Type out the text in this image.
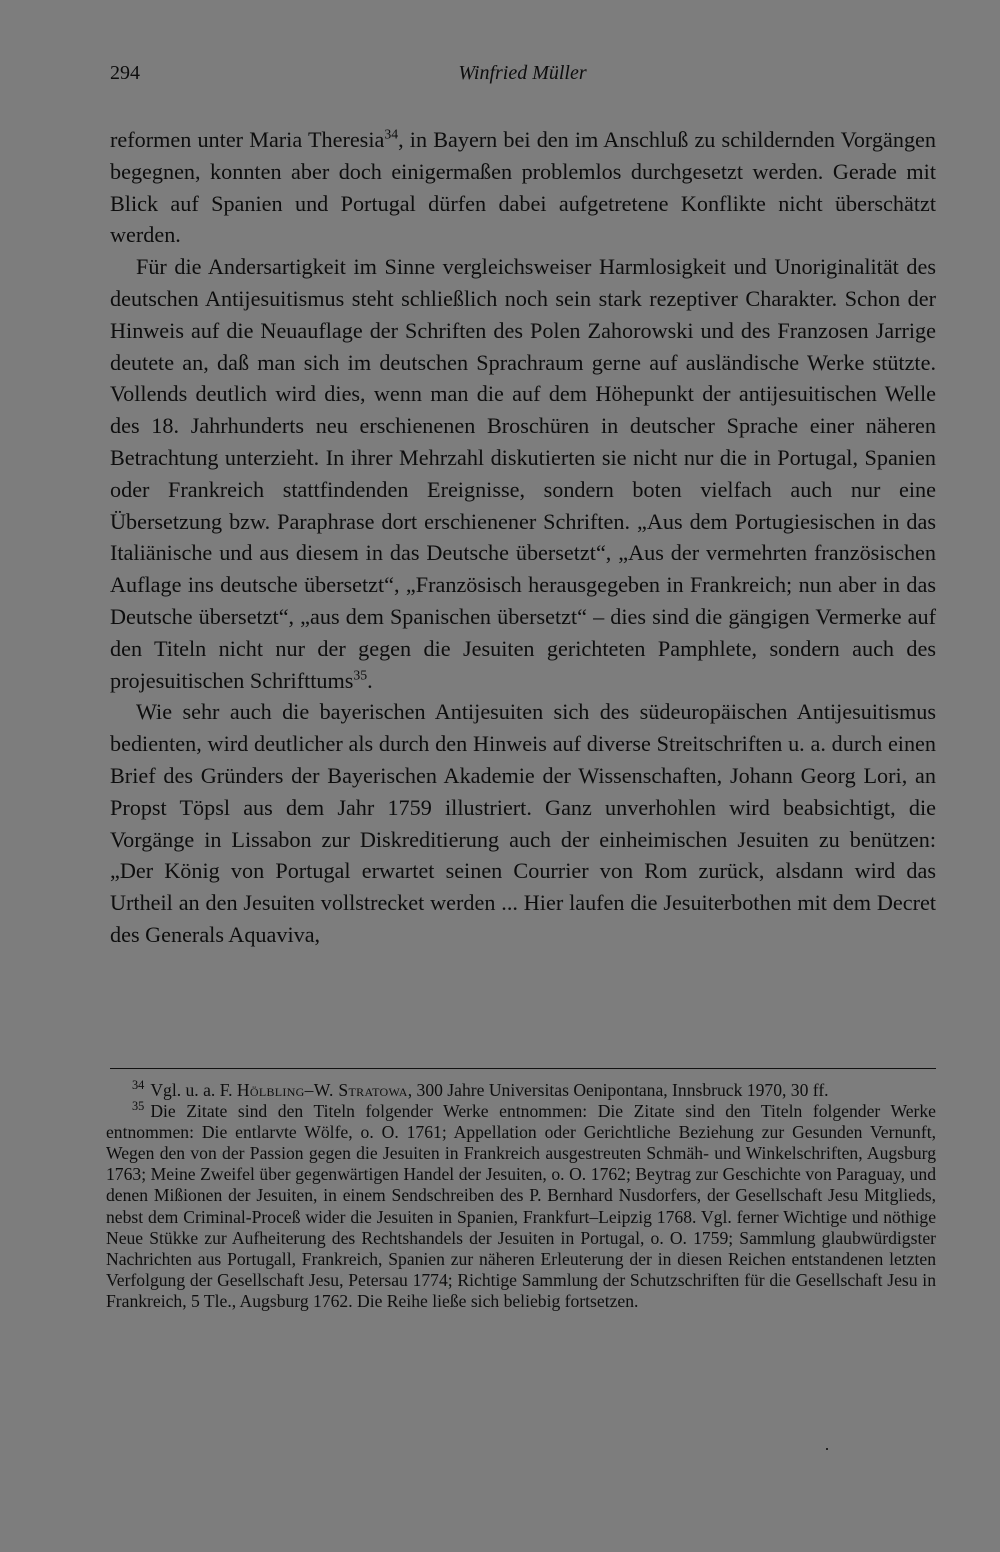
294	Winfried Müller

reformen unter Maria Theresia$^{34}$, in Bayern bei den im Anschluß zu schildernden Vorgängen begegnen, konnten aber doch einigermaßen problemlos durchgesetzt werden. Gerade mit Blick auf Spanien und Portugal dürfen dabei aufgetretene Konflikte nicht überschätzt werden.

Für die Andersartigkeit im Sinne vergleichsweiser Harmlosigkeit und Unoriginalität des deutschen Antijesuitismus steht schließlich noch sein stark rezeptiver Charakter. Schon der Hinweis auf die Neuauflage der Schriften des Polen Zahorowski und des Franzosen Jarrige deutete an, daß man sich im deutschen Sprachraum gerne auf ausländische Werke stützte. Vollends deutlich wird dies, wenn man die auf dem Höhepunkt der antijesuitischen Welle des 18. Jahrhunderts neu erschienenen Broschüren in deutscher Sprache einer näheren Betrachtung unterzieht. In ihrer Mehrzahl diskutierten sie nicht nur die in Portugal, Spanien oder Frankreich stattfindenden Ereignisse, sondern boten vielfach auch nur eine Übersetzung bzw. Paraphrase dort erschienener Schriften. „Aus dem Portugiesischen in das Italiänische und aus diesem in das Deutsche übersetzt“, „Aus der vermehrten französischen Auflage ins deutsche übersetzt“, „Französisch herausgegeben in Frankreich; nun aber in das Deutsche übersetzt“, „aus dem Spanischen übersetzt“ – dies sind die gängigen Vermerke auf den Titeln nicht nur der gegen die Jesuiten gerichteten Pamphlete, sondern auch des projesuitischen Schrifttums$^{35}$.

Wie sehr auch die bayerischen Antijesuiten sich des südeuropäischen Antijesuitismus bedienten, wird deutlicher als durch den Hinweis auf diverse Streitschriften u. a. durch einen Brief des Gründers der Bayerischen Akademie der Wissenschaften, Johann Georg Lori, an Propst Töpsl aus dem Jahr 1759 illustriert. Ganz unverhohlen wird beabsichtigt, die Vorgänge in Lissabon zur Diskreditierung auch der einheimischen Jesuiten zu benützen: „Der König von Portugal erwartet seinen Courrier von Rom zurück, alsdann wird das Urtheil an den Jesuiten vollstrecket werden ... Hier laufen die Jesuiterbothen mit dem Decret des Generals Aquaviva,

$^{34}$ Vgl. u. a. F. Hölbling–W. Stratowa, 300 Jahre Universitas Oenipontana, Innsbruck 1970, 30 ff.

$^{35}$ Die Zitate sind den Titeln folgender Werke entnommen: Die Zitate sind den Titeln folgender Werke entnommen: Die entlarvte Wölfe, o. O. 1761; Appellation oder Gerichtliche Beziehung zur Gesunden Vernunft, Wegen den von der Passion gegen die Jesuiten in Frankreich ausgestreuten Schmäh- und Winkelschriften, Augsburg 1763; Meine Zweifel über gegenwärtigen Handel der Jesuiten, o. O. 1762; Beytrag zur Geschichte von Paraguay, und denen Mißionen der Jesuiten, in einem Sendschreiben des P. Bernhard Nusdorfers, der Gesellschaft Jesu Mitglieds, nebst dem Criminal-Proceß wider die Jesuiten in Spanien, Frankfurt–Leipzig 1768. Vgl. ferner Wichtige und nöthige Neue Stükke zur Aufheiterung des Rechtshandels der Jesuiten in Portugal, o. O. 1759; Sammlung glaubwürdigster Nachrichten aus Portugall, Frankreich, Spanien zur näheren Erleuterung der in diesen Reichen entstandenen letzten Verfolgung der Gesellschaft Jesu, Petersau 1774; Richtige Sammlung der Schutzschriften für die Gesellschaft Jesu in Frankreich, 5 Tle., Augsburg 1762. Die Reihe ließe sich beliebig fortsetzen.
